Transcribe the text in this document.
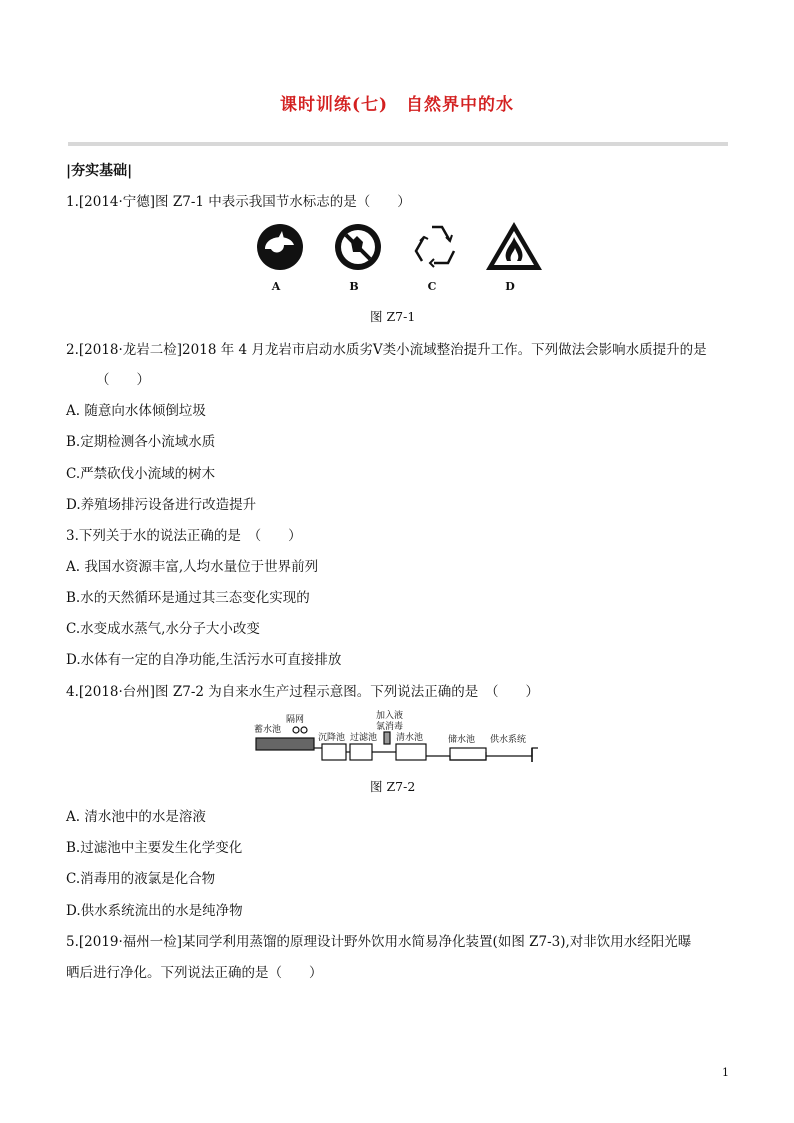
课时训练(七)　自然界中的水
|夯实基础|
1.[2014·宁德]图 Z7-1 中表示我国节水标志的是（　　）
A	B	C	D
图 Z7-1
2.[2018·龙岩二检]2018 年 4 月龙岩市启动水质劣Ⅴ类小流域整治提升工作。下列做法会影响水质提升的是
（　　）
A. 随意向水体倾倒垃圾
B.定期检测各小流域水质
C.严禁砍伐小流域的树木
D.养殖场排污设备进行改造提升
3.下列关于水的说法正确的是　（　　）
A. 我国水资源丰富,人均水量位于世界前列
B.水的天然循环是通过其三态变化实现的
C.水变成水蒸气,水分子大小改变
D.水体有一定的自净功能,生活污水可直接排放
4.[2018·台州]图 Z7-2 为自来水生产过程示意图。下列说法正确的是　（　　）
蓄水池
隔网
沉降池 过滤池
加入液
氯消毒
清水池	储水池 供水系统
图 Z7-2
A. 清水池中的水是溶液
B.过滤池中主要发生化学变化
C.消毒用的液氯是化合物
D.供水系统流出的水是纯净物
5.[2019·福州一检]某同学利用蒸馏的原理设计野外饮用水简易净化装置(如图 Z7-3),对非饮用水经阳光曝
晒后进行净化。下列说法正确的是（　　）
1
